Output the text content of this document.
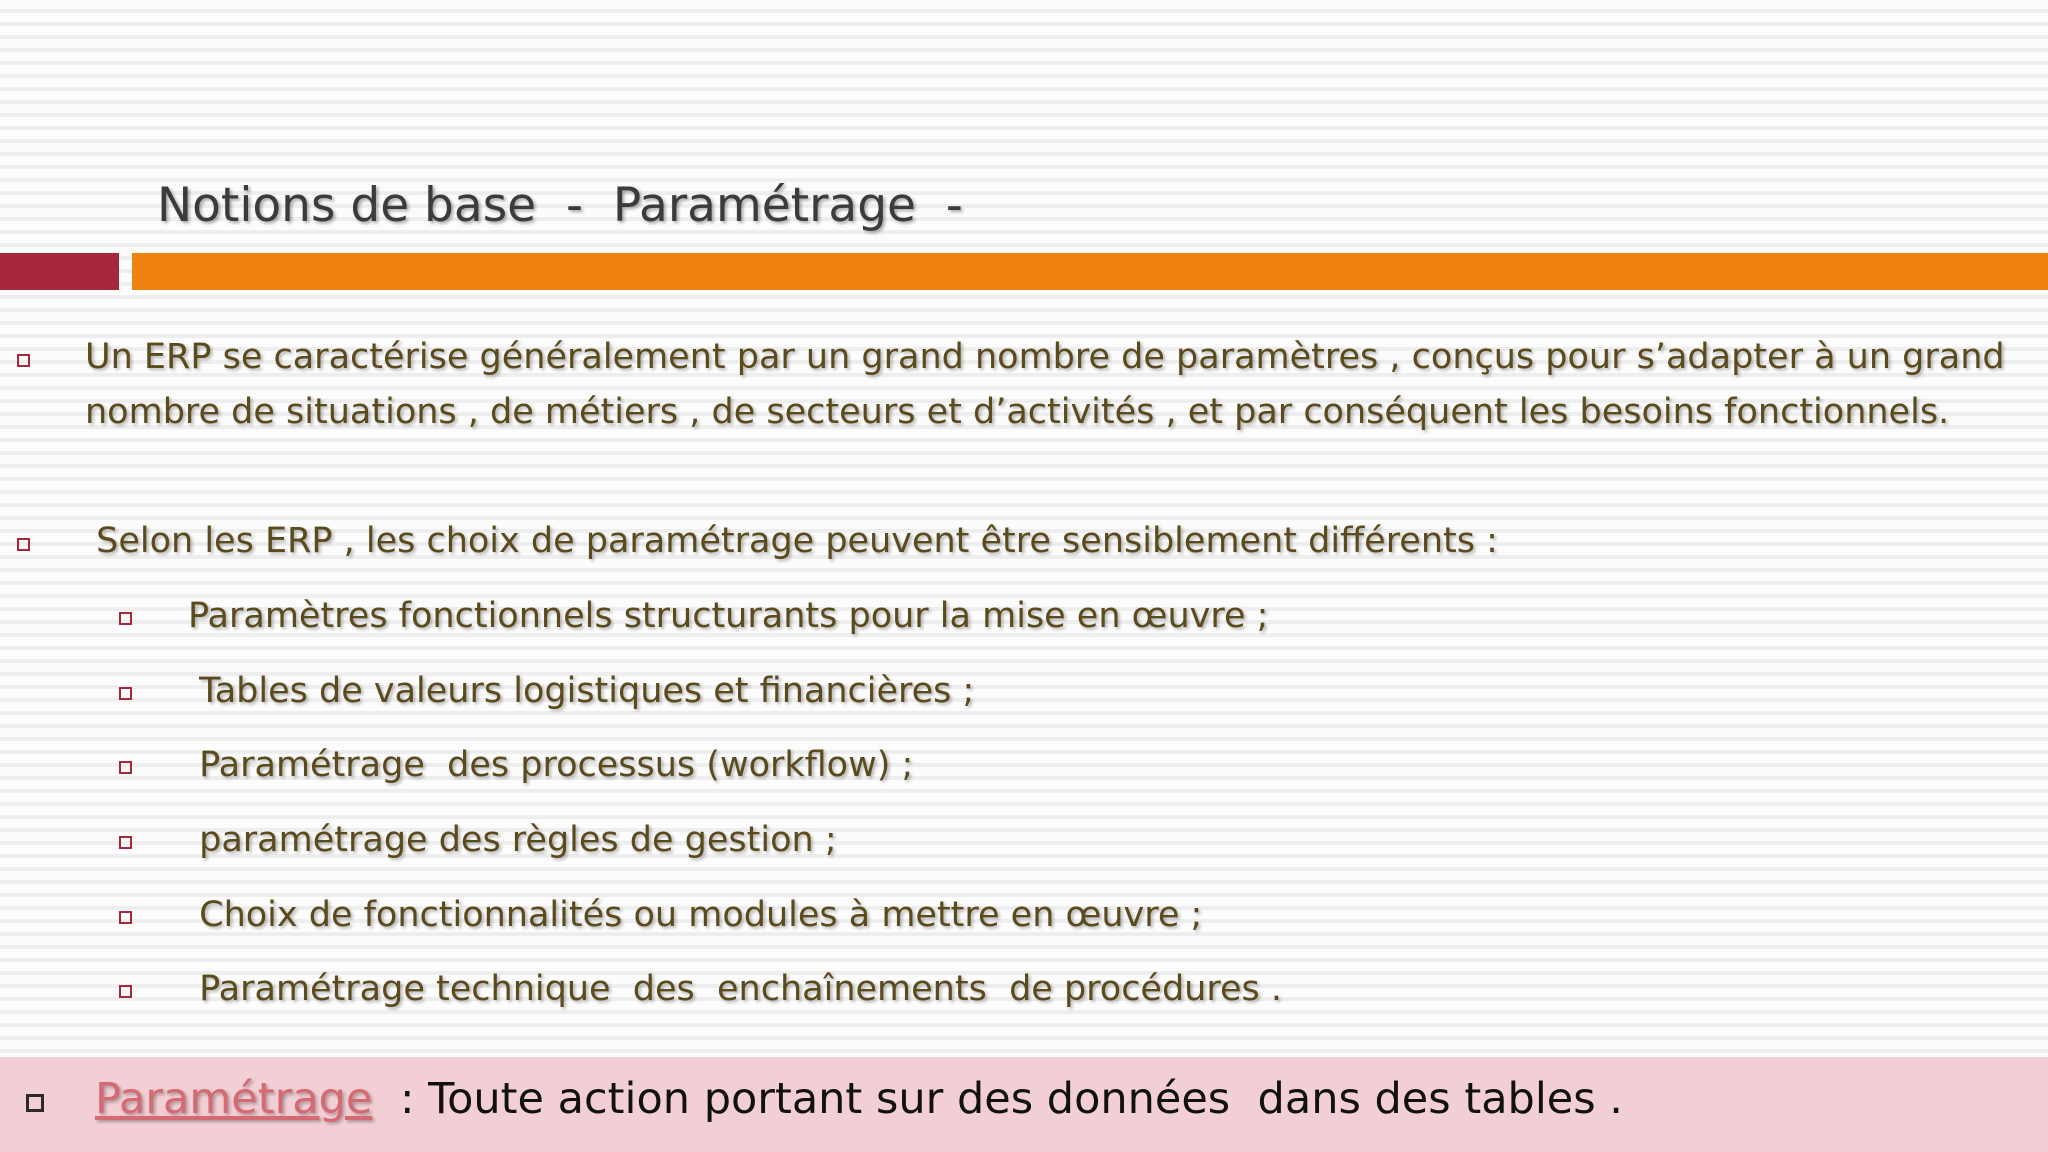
Notions de base  -  Paramétrage  -
Un ERP se caractérise généralement par un grand nombre de paramètres , conçus pour s’adapter à un grand nombre de situations , de métiers , de secteurs et d’activités , et par conséquent les besoins fonctionnels.
Selon les ERP , les choix de paramétrage peuvent être sensiblement différents :
Paramètres fonctionnels structurants pour la mise en œuvre ;
Tables de valeurs logistiques et financières ;
Paramétrage  des processus (workflow) ;
paramétrage des règles de gestion ;
Choix de fonctionnalités ou modules à mettre en œuvre ;
Paramétrage technique  des  enchaînements  de procédures .
Paramétrage : Toute action portant sur des données  dans des tables .
